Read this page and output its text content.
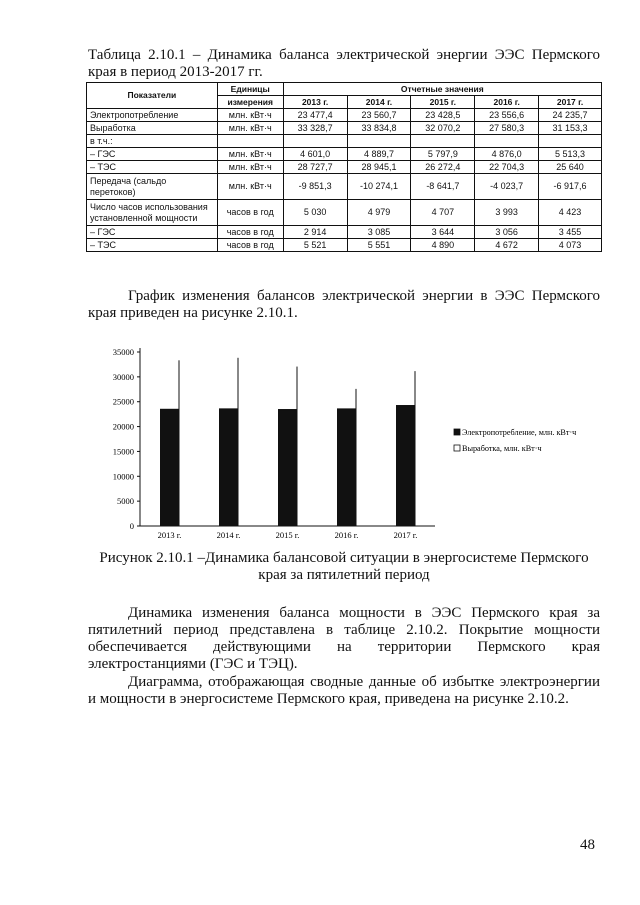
Таблица 2.10.1 – Динамика баланса электрической энергии ЭЭС Пермского края в период 2013-2017 гг.
Показатели	Единицы	Отчетные значения				
	измерения	2013 г.	2014 г.	2015 г.	2016 г.	2017 г.
Электропотребление	млн. кВт·ч	23 477,4	23 560,7	23 428,5	23 556,6	24 235,7
Выработка	млн. кВт·ч	33 328,7	33 834,8	32 070,2	27 580,3	31 153,3
в т.ч.:						
– ГЭС	млн. кВт·ч	4 601,0	4 889,7	5 797,9	4 876,0	5 513,3
– ТЭС	млн. кВт·ч	28 727,7	28 945,1	26 272,4	22 704,3	25 640
Передача (сальдо перетоков)	млн. кВт·ч	-9 851,3	-10 274,1	-8 641,7	-4 023,7	-6 917,6
Число часов использования установленной мощности	часов в год	5 030	4 979	4 707	3 993	4 423
– ГЭС	часов в год	2 914	3 085	3 644	3 056	3 455
– ТЭС	часов в год	5 521	5 551	4 890	4 672	4 073
График изменения балансов электрической энергии в ЭЭС Пермского края приведен на рисунке 2.10.1.
0
5000
10000
15000
20000
25000
30000
35000
2013 г.	2014 г.	2015 г.	2016 г.	2017 г.
Электропотребление, млн. кВт·ч
Выработка, млн. кВт·ч
Рисунок 2.10.1 –Динамика балансовой ситуации в энергосистеме Пермского
края за пятилетний период
Динамика изменения баланса мощности в ЭЭС Пермского края за пятилетний период представлена в таблице 2.10.2. Покрытие мощности обеспечивается действующими на территории Пермского края
электростанциями (ГЭС и ТЭЦ).
Диаграмма, отображающая сводные данные об избытке электроэнергии и мощности в энергосистеме Пермского края, приведена на рисунке 2.10.2.
48
